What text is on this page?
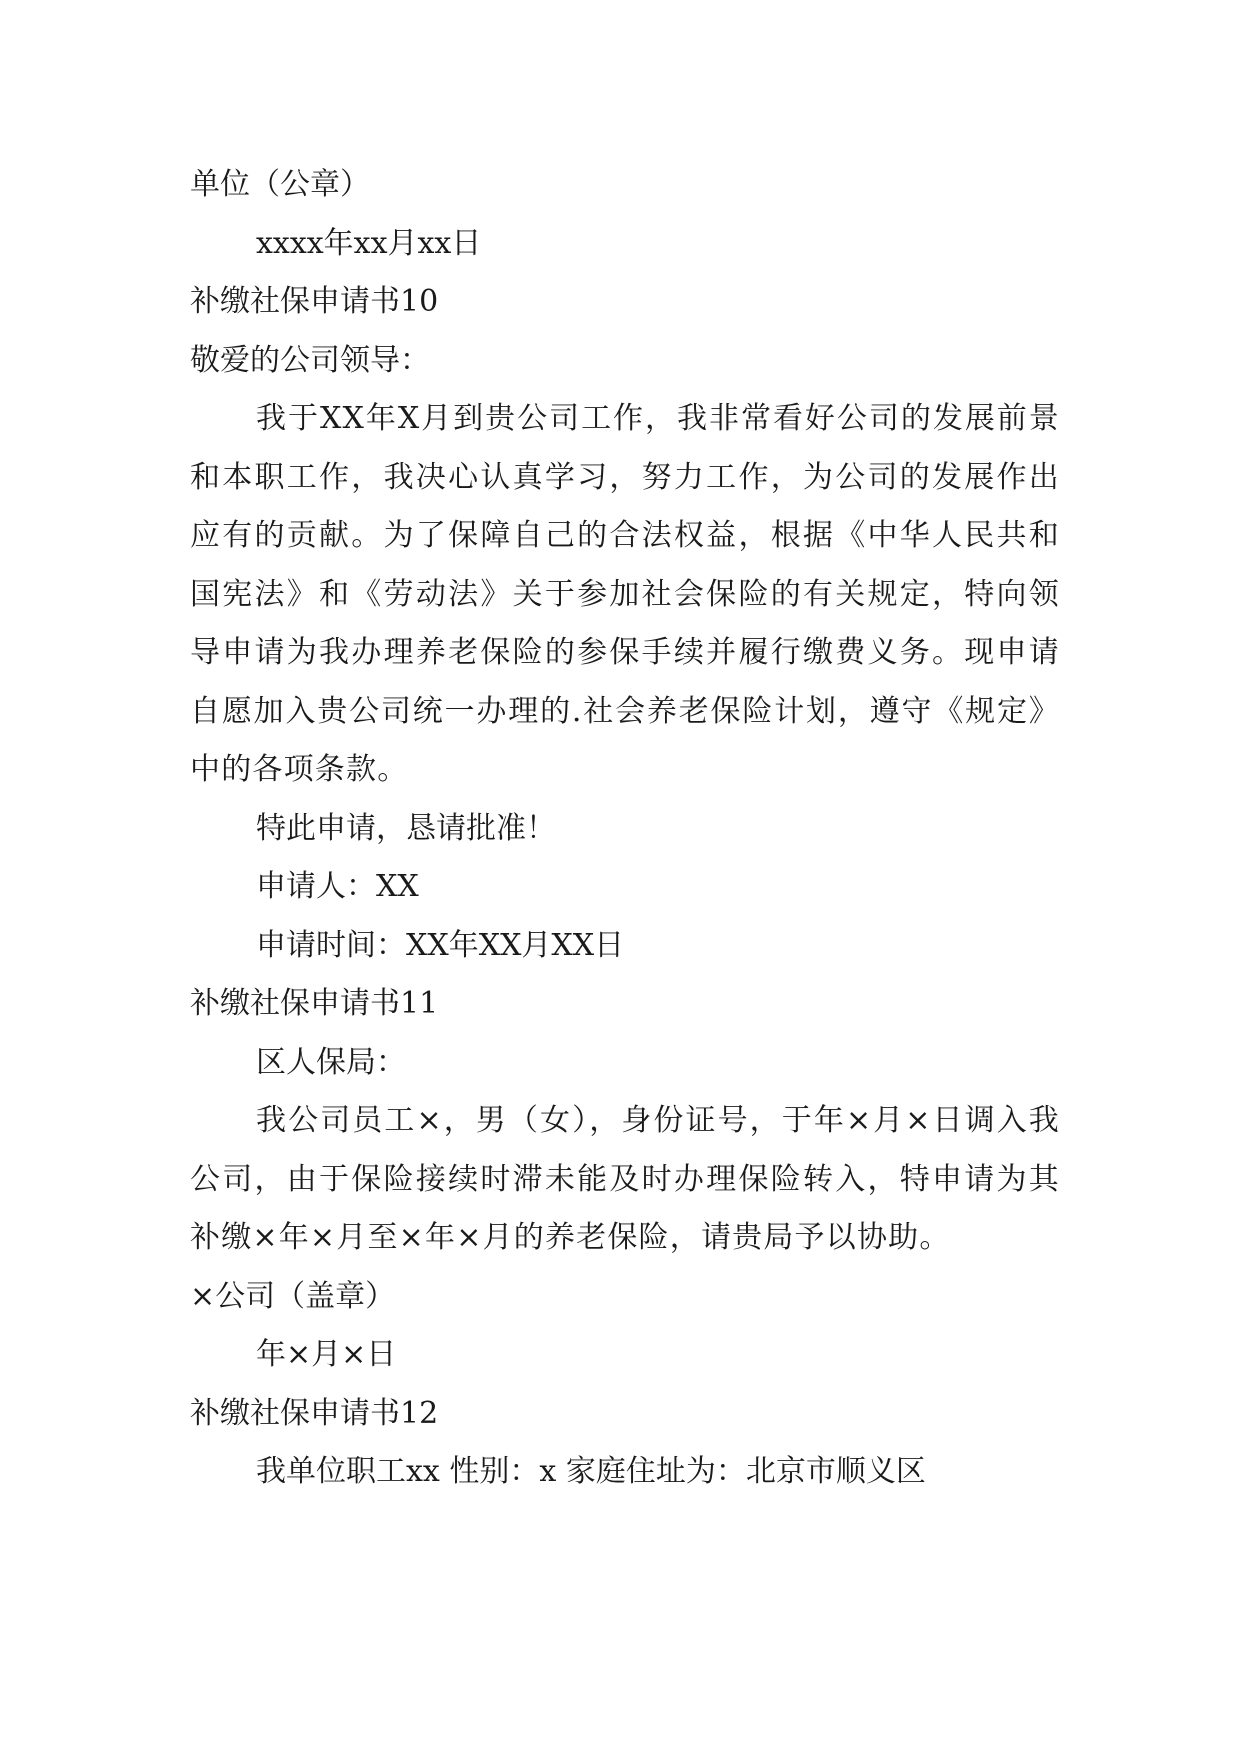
单位（公章）
xxxx年xx月xx日
补缴社保申请书10
敬爱的公司领导：
我于XX年X月到贵公司工作，我非常看好公司的发展前景和本职工作，我决心认真学习，努力工作，为公司的发展作出应有的贡献。为了保障自己的合法权益，根据《中华人民共和国宪法》和《劳动法》关于参加社会保险的有关规定，特向领导申请为我办理养老保险的参保手续并履行缴费义务。现申请自愿加入贵公司统一办理的.社会养老保险计划，遵守《规定》中的各项条款。
特此申请，恳请批准！
申请人：XX
申请时间：XX年XX月XX日
补缴社保申请书11
区人保局：
我公司员工×，男（女），身份证号，于年×月×日调入我公司，由于保险接续时滞未能及时办理保险转入，特申请为其补缴×年×月至×年×月的养老保险，请贵局予以协助。
×公司（盖章）
年×月×日
补缴社保申请书12
我单位职工xx 性别：x 家庭住址为：北京市顺义区
